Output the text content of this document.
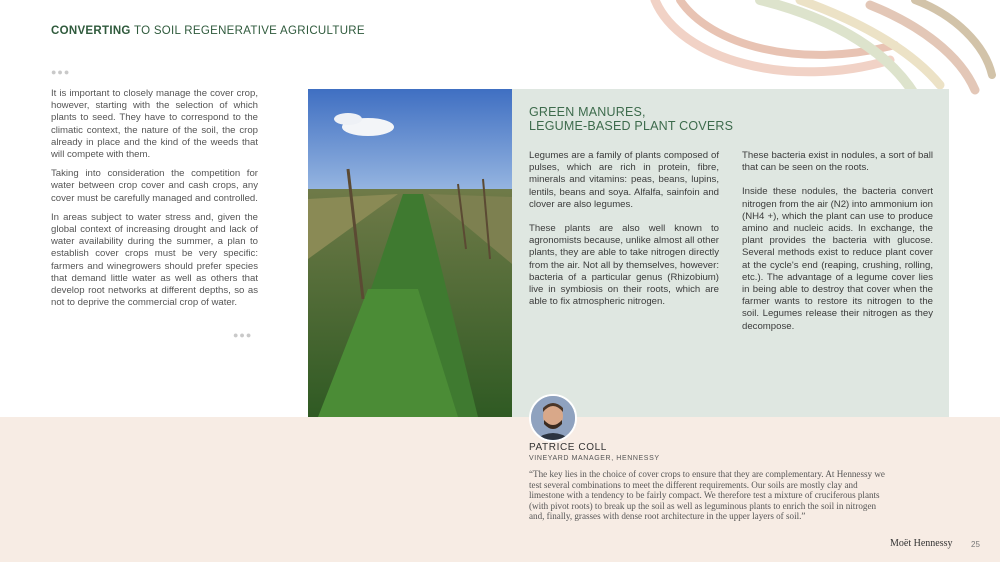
CONVERTING TO SOIL REGENERATIVE AGRICULTURE
●●●

It is important to closely manage the cover crop, however, starting with the selection of which plants to seed. They have to correspond to the climatic context, the nature of the soil, the crop already in place and the kind of the weeds that will compete with them.

Taking into consideration the competition for water between crop cover and cash crops, any cover must be carefully managed and controlled.

In areas subject to water stress and, given the global context of increasing drought and lack of water availability during the summer, a plan to establish cover crops must be very specific: farmers and winegrowers should prefer species that demand little water as well as others that develop root networks at different depths, so as not to deprive the commercial crop of water.

●●●
GREEN MANURES,
LEGUME-BASED PLANT COVERS

Legumes are a family of plants composed of pulses, which are rich in protein, fibre, minerals and vitamins: peas, beans, lupins, lentils, beans and soya. Alfalfa, sainfoin and clover are also legumes.

These plants are also well known to agronomists because, unlike almost all other plants, they are able to take nitrogen directly from the air. Not all by themselves, however: bacteria of a particular genus (Rhizobium) live in symbiosis on their roots, which are able to fix atmospheric nitrogen.

These bacteria exist in nodules, a sort of ball that can be seen on the roots.

Inside these nodules, the bacteria convert nitrogen from the air (N2) into ammonium ion (NH4 +), which the plant can use to produce amino and nucleic acids. In exchange, the plant provides the bacteria with glucose. Several methods exist to reduce plant cover at the cycle's end (reaping, crushing, rolling, etc.). The advantage of a legume cover lies in being able to destroy that cover when the farmer wants to restore its nitrogen to the soil. Legumes release their nitrogen as they decompose.

PATRICE COLL
VINEYARD MANAGER, HENNESSY
“The key lies in the choice of cover crops to ensure that they are complementary. At Hennessy we test several combinations to meet the different requirements. Our soils are mostly clay and limestone with a tendency to be fairly compact. We therefore test a mixture of cruciferous plants (with pivot roots) to break up the soil as well as leguminous plants to enrich the soil in nitrogen and, finally, grasses with dense root architecture in the upper layers of soil.”
Moët Hennessy 25
